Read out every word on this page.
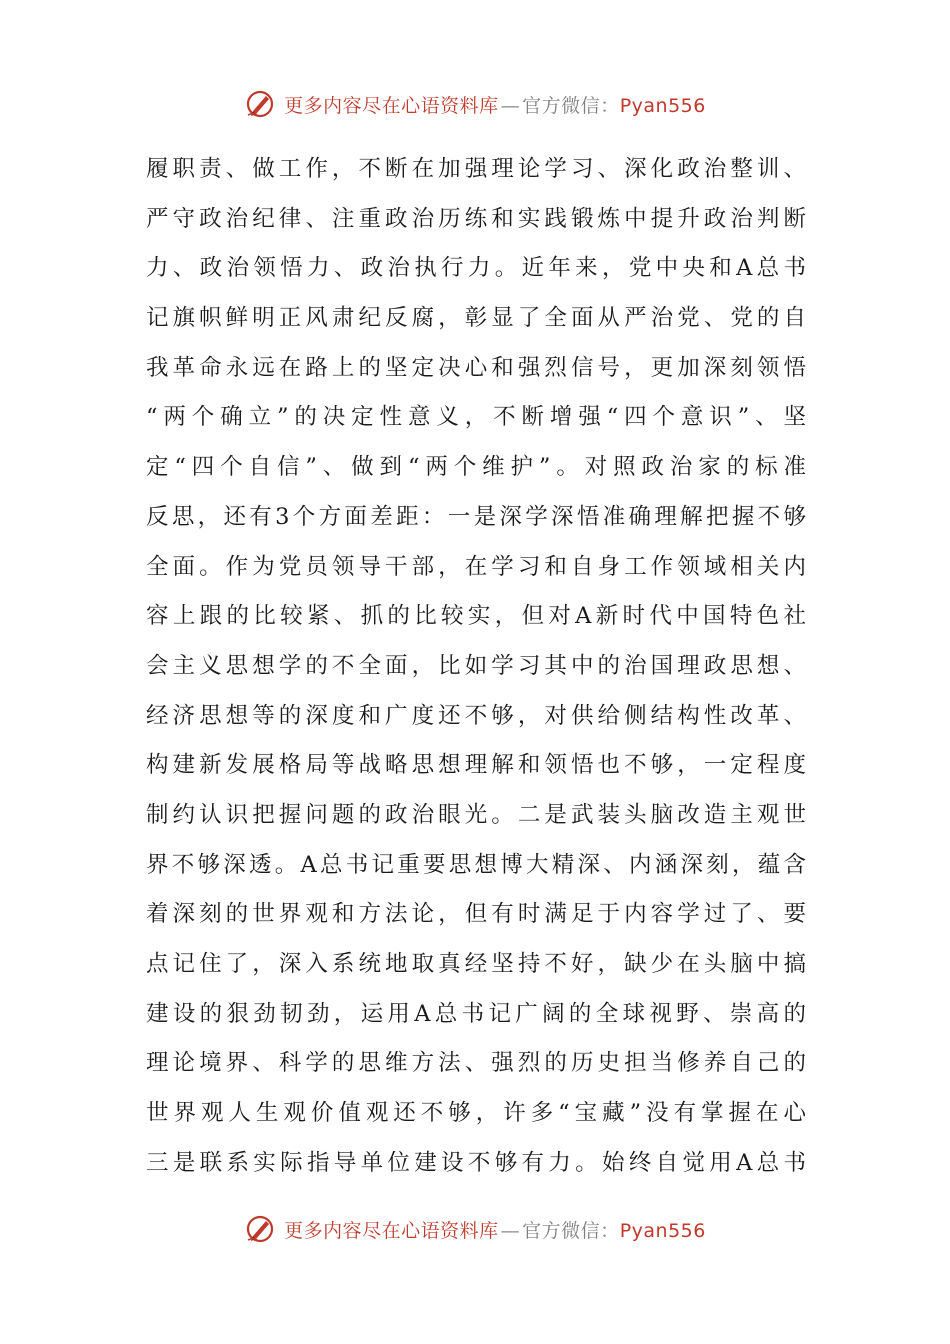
更多内容尽在心语资料库 — 官方微信： Pyan556
履职责、做工作，不断在加强理论学习、深化政治整训、
严守政治纪律、注重政治历练和实践锻炼中提升政治判断
力、政治领悟力、政治执行力。近年来，党中央和A总书
记旗帜鲜明正风肃纪反腐，彰显了全面从严治党、党的自
我革命永远在路上的坚定决心和强烈信号，更加深刻领悟
“两个确立”的决定性意义，不断增强“四个意识”、坚
定“四个自信”、做到“两个维护”。对照政治家的标准
反思，还有3个方面差距：一是深学深悟准确理解把握不够
全面。作为党员领导干部，在学习和自身工作领域相关内
容上跟的比较紧、抓的比较实，但对A新时代中国特色社
会主义思想学的不全面，比如学习其中的治国理政思想、
经济思想等的深度和广度还不够，对供给侧结构性改革、
构建新发展格局等战略思想理解和领悟也不够，一定程度
制约认识把握问题的政治眼光。二是武装头脑改造主观世
界不够深透。A总书记重要思想博大精深、内涵深刻，蕴含
着深刻的世界观和方法论，但有时满足于内容学过了、要
点记住了，深入系统地取真经坚持不好，缺少在头脑中搞
建设的狠劲韧劲，运用A总书记广阔的全球视野、崇高的
理论境界、科学的思维方法、强烈的历史担当修养自己的
世界观人生观价值观还不够，许多“宝藏”没有掌握在心
三是联系实际指导单位建设不够有力。始终自觉用A总书
更多内容尽在心语资料库 — 官方微信： Pyan556
